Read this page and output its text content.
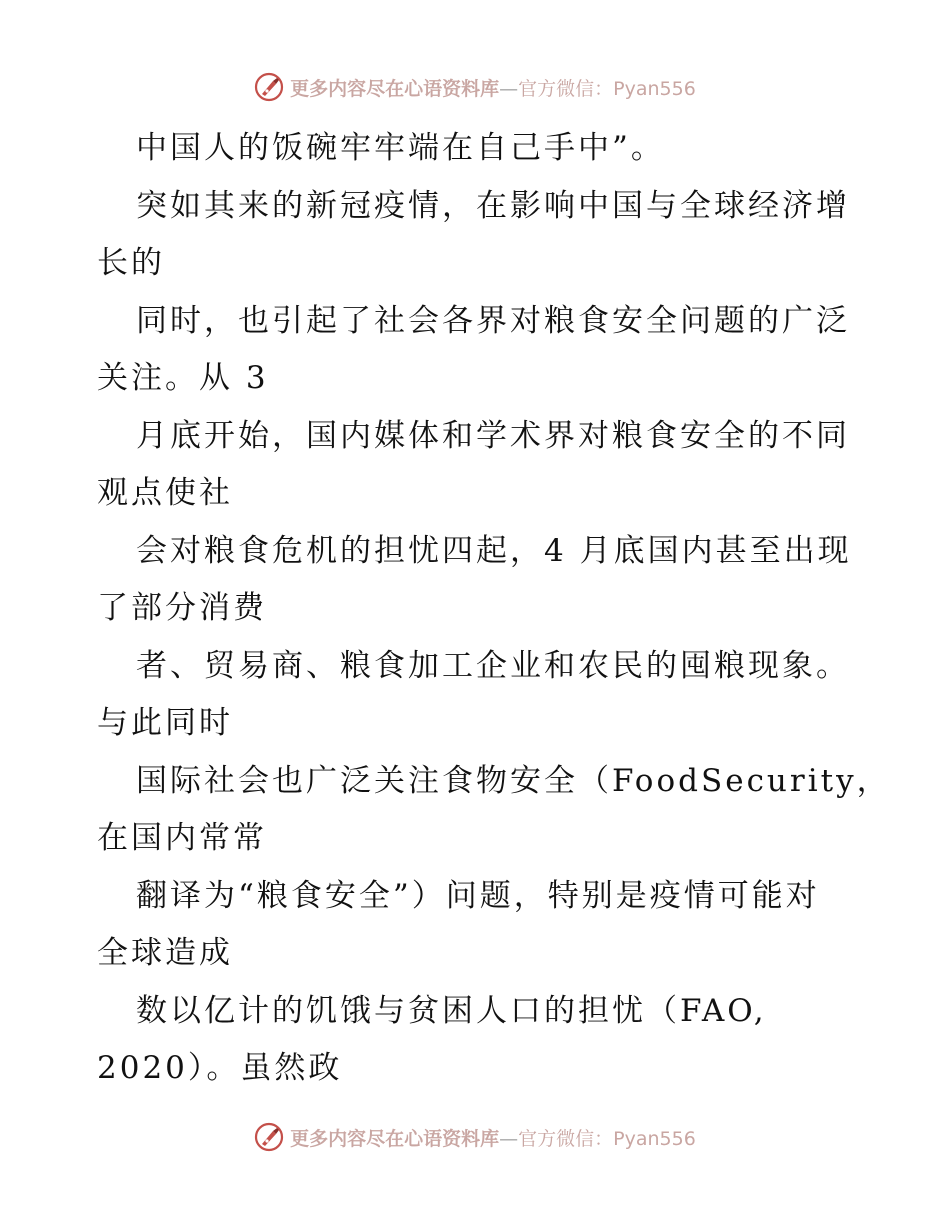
更多内容尽在心语资料库—官方微信：Pyan556
中国人的饭碗牢牢端在自己手中”。
突如其来的新冠疫情，在影响中国与全球经济增
长的
同时，也引起了社会各界对粮食安全问题的广泛
关注。从 3
月底开始，国内媒体和学术界对粮食安全的不同
观点使社
会对粮食危机的担忧四起，4 月底国内甚至出现
了部分消费
者、贸易商、粮食加工企业和农民的囤粮现象。
与此同时
国际社会也广泛关注食物安全（FoodSecurity，
在国内常常
翻译为“粮食安全”）问题，特别是疫情可能对
全球造成
数以亿计的饥饿与贫困人口的担忧（FAO,
2020）。虽然政
更多内容尽在心语资料库—官方微信：Pyan556
